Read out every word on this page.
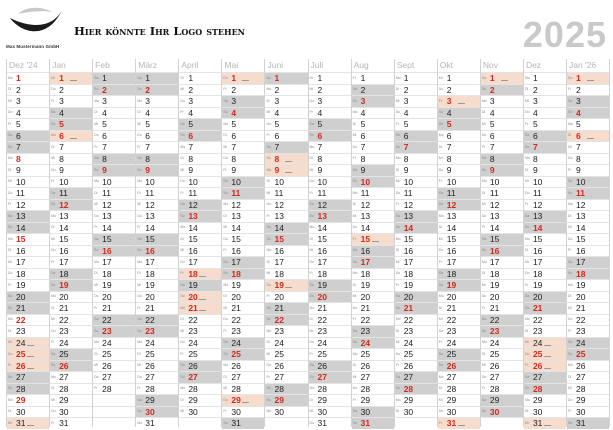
Max Mustermann GmbH
Hier könnte Ihr Logo stehen	2025
Dez '24
Mo 1
Di 2
Mi 3
Do 4
Fr 5
Sa 6
So 7
Mo 8
Di 9
Mi 10
Do 11
Fr 12
Sa 13
So 14
Mo 15
Di 16
Mi 17
Do 18
Fr 19
Sa 20
So 21
Mo 22
Di 23
Mi 24
Do 25
Fr 26
Sa 27
So 28
Mo 29
Di 30
Mi 31
Jan
Mi 1
Do 2
Fr 3
Sa 4
So 5
Mo 6
Di 7
Mi 8
Do 9
Fr 10
Sa 11
So 12
Mo 13
Di 14
Mi 15
Do 16
Fr 17
Sa 18
So 19
Mo 20
Di 21
Mi 22
Do 23
Fr 24
Sa 25
So 26
Mo 27
Di 28
Mi 29
Do 30
Fr 31
Feb
Sa 1
So 2
Mo 3
Di 4
Mi 5
Do 6
Fr 7
Sa 8
So 9
Mo 10
Di 11
Mi 12
Do 13
Fr 14
Sa 15
So 16
Mo 17
Di 18
Mi 19
Do 20
Fr 21
Sa 22
So 23
Mo 24
Di 25
Mi 26
Do 27
Fr 28
März
Sa 1
So 2
Mo 3
Di 4
Mi 5
Do 6
Fr 7
Sa 8
So 9
Mo 10
Di 11
Mi 12
Do 13
Fr 14
Sa 15
So 16
Mo 17
Di 18
Mi 19
Do 20
Fr 21
Sa 22
So 23
Mo 24
Di 25
Mi 26
Do 27
Fr 28
Sa 29
So 30
Mo 31
April
Di 1
Mi 2
Do 3
Fr 4
Sa 5
So 6
Mo 7
Di 8
Mi 9
Do 10
Fr 11
Sa 12
So 13
Mo 14
Di 15
Mi 16
Do 17
Fr 18
Sa 19
So 20
Mo 21
Di 22
Mi 23
Do 24
Fr 25
Sa 26
So 27
Mo 28
Di 29
Mi 30
Mai
Do 1
Fr 2
Sa 3
So 4
Mo 5
Di 6
Mi 7
Do 8
Fr 9
Sa 10
So 11
Mo 12
Di 13
Mi 14
Do 15
Fr 16
Sa 17
So 18
Mo 19
Di 20
Mi 21
Do 22
Fr 23
Sa 24
So 25
Mo 26
Di 27
Mi 28
Do 29
Fr 30
Sa 31
Juni
So 1
Mo 2
Di 3
Mi 4
Do 5
Fr 6
Sa 7
So 8
Mo 9
Di 10
Mi 11
Do 12
Fr 13
Sa 14
So 15
Mo 16
Di 17
Mi 18
Do 19
Fr 20
Sa 21
So 22
Mo 23
Di 24
Mi 25
Do 26
Fr 27
Sa 28
So 29
Mo 30
Juli
Di 1
Mi 2
Do 3
Fr 4
Sa 5
So 6
Mo 7
Di 8
Mi 9
Do 10
Fr 11
Sa 12
So 13
Mo 14
Di 15
Mi 16
Do 17
Fr 18
Sa 19
So 20
Mo 21
Di 22
Mi 23
Do 24
Fr 25
Sa 26
So 27
Mo 28
Di 29
Mi 30
Do 31
Aug
Fr 1
Sa 2
So 3
Mo 4
Di 5
Mi 6
Do 7
Fr 8
Sa 9
So 10
Mo 11
Di 12
Mi 13
Do 14
Fr 15
Sa 16
So 17
Mo 18
Di 19
Mi 20
Do 21
Fr 22
Sa 23
So 24
Mo 25
Di 26
Mi 27
Do 28
Fr 29
Sa 30
So 31
Sept
Mo 1
Di 2
Mi 3
Do 4
Fr 5
Sa 6
So 7
Mo 8
Di 9
Mi 10
Do 11
Fr 12
Sa 13
So 14
Mo 15
Di 16
Mi 17
Do 18
Fr 19
Sa 20
So 21
Mo 22
Di 23
Mi 24
Do 25
Fr 26
Sa 27
So 28
Mo 29
Di 30
Okt
Mi 1
Do 2
Fr 3
Sa 4
So 5
Mo 6
Di 7
Mi 8
Do 9
Fr 10
Sa 11
So 12
Mo 13
Di 14
Mi 15
Do 16
Fr 17
Sa 18
So 19
Mo 20
Di 21
Mi 22
Do 23
Fr 24
Sa 25
So 26
Mo 27
Di 28
Mi 29
Do 30
Fr 31
Nov
Sa 1
So 2
Mo 3
Di 4
Mi 5
Do 6
Fr 7
Sa 8
So 9
Mo 10
Di 11
Mi 12
Do 13
Fr 14
Sa 15
So 16
Mo 17
Di 18
Mi 19
Do 20
Fr 21
Sa 22
So 23
Mo 24
Di 25
Mi 26
Do 27
Fr 28
Sa 29
So 30
Dez
Mo 1
Di 2
Mi 3
Do 4
Fr 5
Sa 6
So 7
Mo 8
Di 9
Mi 10
Do 11
Fr 12
Sa 13
So 14
Mo 15
Di 16
Mi 17
Do 18
Fr 19
Sa 20
So 21
Mo 22
Di 23
Mi 24
Do 25
Fr 26
Sa 27
So 28
Mo 29
Di 30
Mi 31
Jan '26
Do 1
Fr 2
Sa 3
So 4
Mo 5
Di 6
Mi 7
Do 8
Fr 9
Sa 10
So 11
Mo 12
Di 13
Mi 14
Do 15
Fr 16
Sa 17
So 18
Mo 19
Di 20
Mi 21
Do 22
Fr 23
Sa 24
So 25
Mo 26
Di 27
Mi 28
Do 29
Fr 30
Sa 31
